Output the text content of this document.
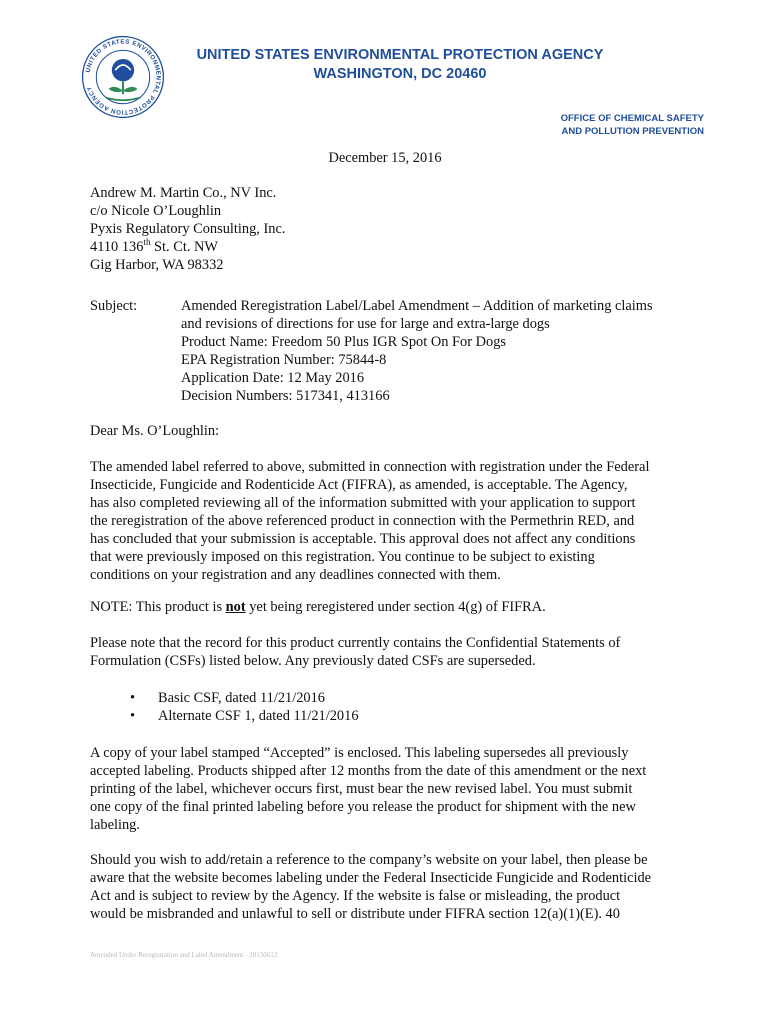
UNITED STATES ENVIRONMENTAL PROTECTION AGENCY
UNITED STATES ENVIRONMENTAL PROTECTION AGENCY
WASHINGTON, DC 20460
OFFICE OF CHEMICAL SAFETY
AND POLLUTION PREVENTION
December 15, 2016
Andrew M. Martin Co., NV Inc.
c/o Nicole O’Loughlin
Pyxis Regulatory Consulting, Inc.
4110 136th St. Ct. NW
Gig Harbor, WA 98332
Subject:	Amended Reregistration Label/Label Amendment – Addition of marketing claims
and revisions of directions for use for large and extra-large dogs
Product Name: Freedom 50 Plus IGR Spot On For Dogs
EPA Registration Number: 75844-8
Application Date: 12 May 2016
Decision Numbers: 517341, 413166
Dear Ms. O’Loughlin:
The amended label referred to above, submitted in connection with registration under the Federal
Insecticide, Fungicide and Rodenticide Act (FIFRA), as amended, is acceptable. The Agency,
has also completed reviewing all of the information submitted with your application to support
the reregistration of the above referenced product in connection with the Permethrin RED, and
has concluded that your submission is acceptable. This approval does not affect any conditions
that were previously imposed on this registration. You continue to be subject to existing
conditions on your registration and any deadlines connected with them.
NOTE: This product is not yet being reregistered under section 4(g) of FIFRA.
Please note that the record for this product currently contains the Confidential Statements of
Formulation (CSFs) listed below. Any previously dated CSFs are superseded.
•	Basic CSF, dated 11/21/2016
•	Alternate CSF 1, dated 11/21/2016
A copy of your label stamped “Accepted” is enclosed. This labeling supersedes all previously
accepted labeling. Products shipped after 12 months from the date of this amendment or the next
printing of the label, whichever occurs first, must bear the new revised label. You must submit
one copy of the final printed labeling before you release the product for shipment with the new
labeling.
Should you wish to add/retain a reference to the company’s website on your label, then please be
aware that the website becomes labeling under the Federal Insecticide Fungicide and Rodenticide
Act and is subject to review by the Agency. If the website is false or misleading, the product
would be misbranded and unlawful to sell or distribute under FIFRA section 12(a)(1)(E). 40
Amended Under Reregistration and Label Amendment - 20150612
